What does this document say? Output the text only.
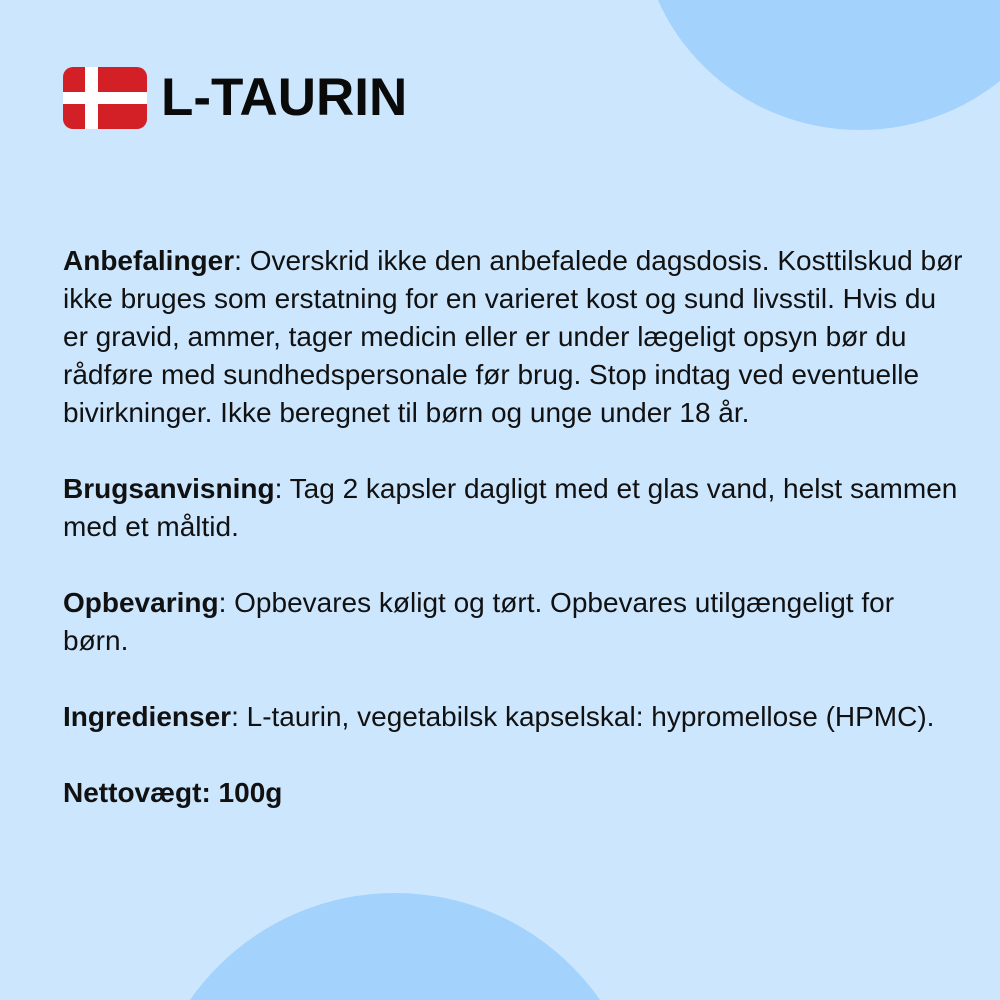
L-TAURIN

Anbefalinger: Overskrid ikke den anbefalede dagsdosis. Kosttilskud bør ikke bruges som erstatning for en varieret kost og sund livsstil. Hvis du er gravid, ammer, tager medicin eller er under lægeligt opsyn bør du rådføre med sundhedspersonale før brug. Stop indtag ved eventuelle bivirkninger. Ikke beregnet til børn og unge under 18 år.

Brugsanvisning: Tag 2 kapsler dagligt med et glas vand, helst sammen med et måltid.

Opbevaring: Opbevares køligt og tørt. Opbevares utilgængeligt for børn.

Ingredienser: L-taurin, vegetabilsk kapselskal: hypromellose (HPMC).

Nettovægt: 100g
